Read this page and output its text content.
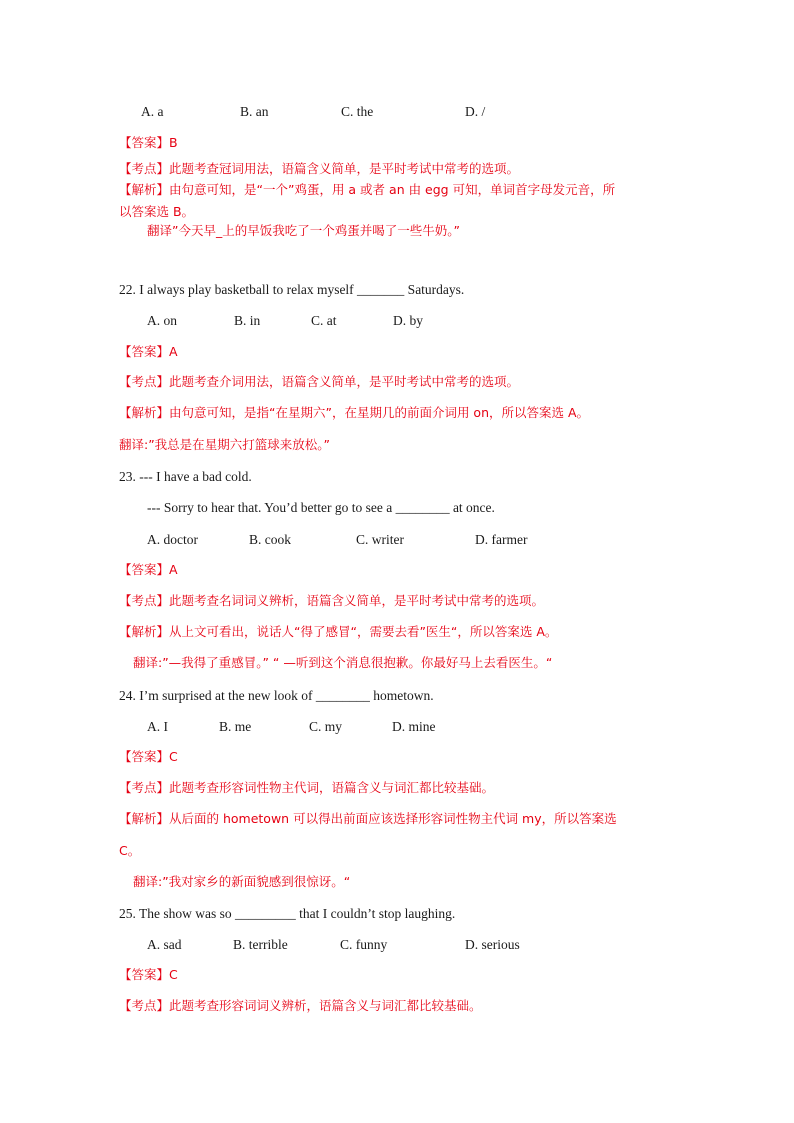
A. a	B. an	C. the	D. /
【答案】B
【考点】此题考查冠词用法，语篇含义简单，是平时考试中常考的选项。
【解析】由句意可知，是“一个”鸡蛋，用 a 或者 an 由 egg 可知，单词首字母发元音，所
以答案选 B。
翻译”今天早_上的早饭我吃了一个鸡蛋并喝了一些牛奶。”
22. I always play basketball to relax myself _______ Saturdays.
A. on	B. in	C. at	D. by
【答案】A
【考点】此题考查介词用法，语篇含义简单，是平时考试中常考的选项。
【解析】由句意可知，是指“在星期六”，在星期几的前面介词用 on，所以答案选 A。
翻译:”我总是在星期六打篮球来放松。”
23. --- I have a bad cold.
--- Sorry to hear that. You’d better go to see a ________ at once.
A. doctor	B. cook	C. writer	D. farmer
【答案】A
【考点】此题考查名词词义辨析，语篇含义简单，是平时考试中常考的选项。
【解析】从上文可看出，说话人“得了感冒“，需要去看”医生“，所以答案选 A。
翻译:”—我得了重感冒。” “ —听到这个消息很抱歉。你最好马上去看医生。“
24. I’m surprised at the new look of ________ hometown.
A. I	B. me	C. my	D. mine
【答案】C
【考点】此题考查形容词性物主代词，语篇含义与词汇都比较基础。
【解析】从后面的 hometown 可以得出前面应该选择形容词性物主代词 my，所以答案选
C。
翻译:”我对家乡的新面貌感到很惊讶。“
25. The show was so _________ that I couldn’t stop laughing.
A. sad	B. terrible	C. funny	D. serious
【答案】C
【考点】此题考查形容词词义辨析，语篇含义与词汇都比较基础。
